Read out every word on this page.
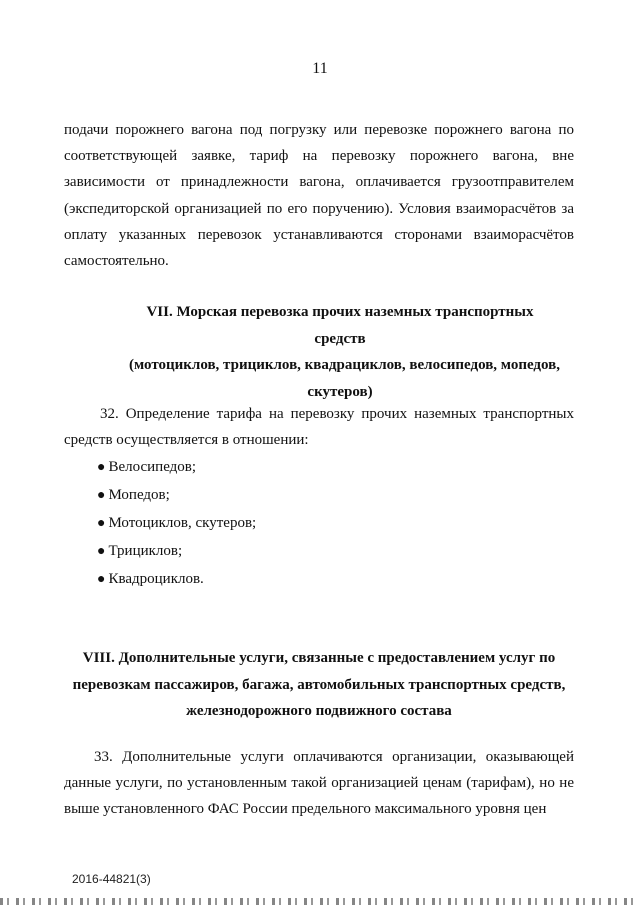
11

подачи порожнего вагона под погрузку или перевозке порожнего вагона по соответствующей заявке, тариф на перевозку порожнего вагона, вне зависимости от принадлежности вагона, оплачивается грузоотправителем (экспедиторской организацией по его поручению). Условия взаиморасчётов за оплату указанных перевозок устанавливаются сторонами взаиморасчётов самостоятельно.

VII. Морская перевозка прочих наземных транспортных средств
(мотоциклов, трициклов, квадрациклов, велосипедов, мопедов,
скутеров)

32. Определение тарифа на перевозку прочих наземных транспортных средств осуществляется в отношении:

● Велосипедов;
● Мопедов;
● Мотоциклов, скутеров;
● Трициклов;
● Квадроциклов.
VIII. Дополнительные услуги, связанные с предоставлением услуг по
перевозкам пассажиров, багажа, автомобильных транспортных средств,
железнодорожного подвижного состава

33. Дополнительные услуги оплачиваются организации, оказывающей данные услуги, по установленным такой организацией ценам (тарифам), но не выше установленного ФАС России предельного максимального уровня цен

2016-44821(3)
